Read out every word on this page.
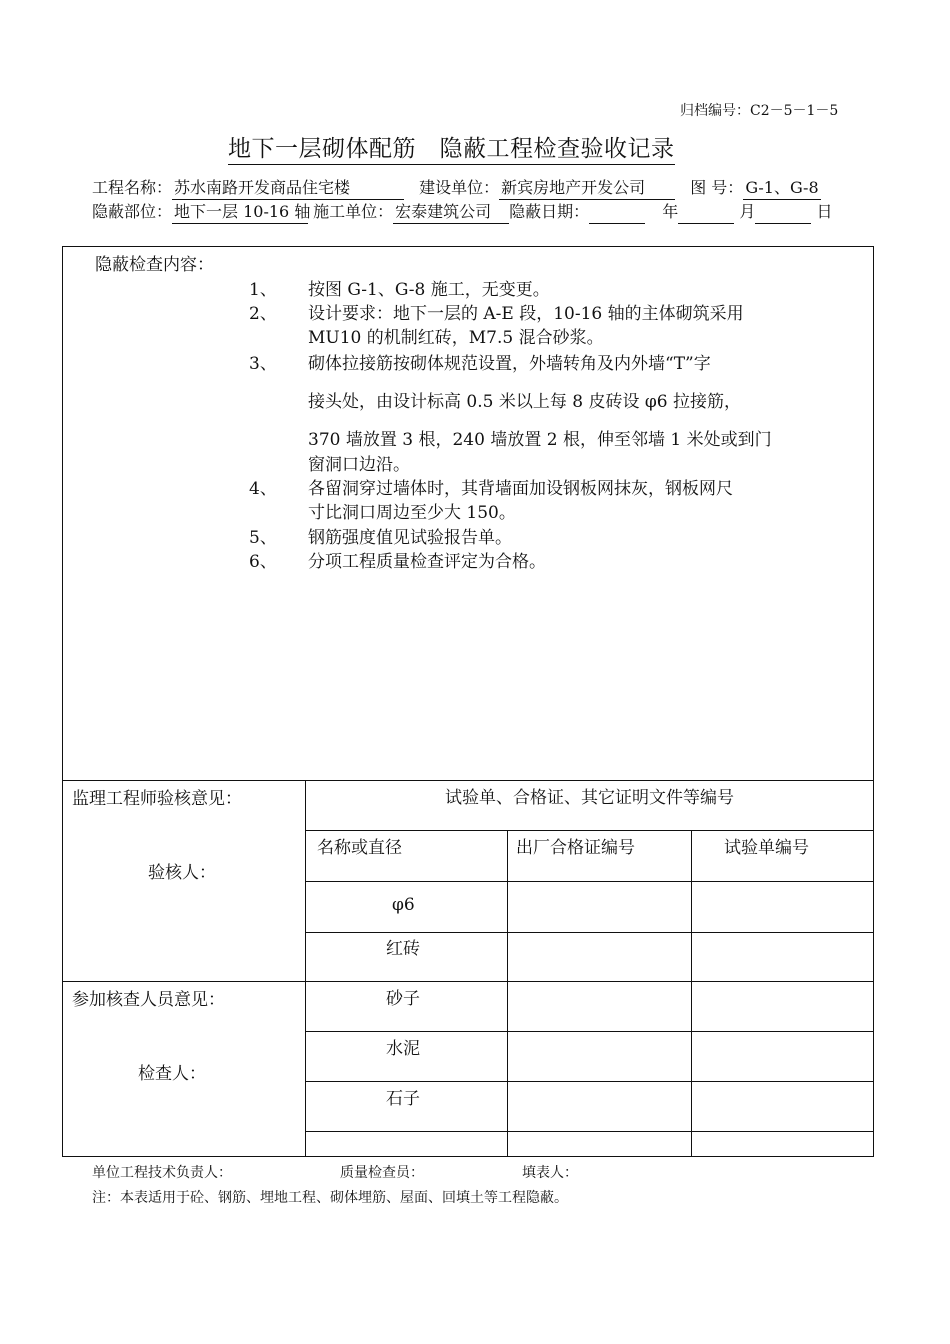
归档编号：C2－5－1－5
地下一层砌体配筋　隐蔽工程检查验收记录
工程名称： 苏水南路开发商品住宅楼	建设单位： 新宾房地产开发公司	图 号： G-1、G-8
隐蔽部位： 地下一层 10-16 轴 施工单位： 宏泰建筑公司 隐蔽日期：	年	月	日
隐蔽检查内容：
1、 按图 G-1、G-8 施工，无变更。
2、 设计要求：地下一层的 A-E 段，10-16 轴的主体砌筑采用
MU10 的机制红砖，M7.5 混合砂浆。
3、 砌体拉接筋按砌体规范设置，外墙转角及内外墙“T”字
接头处，由设计标高 0.5 米以上每 8 皮砖设 φ6 拉接筋，
370 墙放置 3 根，240 墙放置 2 根，伸至邻墙 1 米处或到门
窗洞口边沿。
4、 各留洞穿过墙体时，其背墙面加设钢板网抹灰，钢板网尺
寸比洞口周边至少大 150。
5、 钢筋强度值见试验报告单。
6、 分项工程质量检查评定为合格。
监理工程师验核意见：
验核人：
参加核查人员意见：
检查人：
试验单、合格证、其它证明文件等编号
名称或直径	出厂合格证编号	试验单编号
φ6
红砖
砂子
水泥
石子
单位工程技术负责人：	质量检查员：	填表人：
注：本表适用于砼、钢筋、埋地工程、砌体埋筋、屋面、回填土等工程隐蔽。
